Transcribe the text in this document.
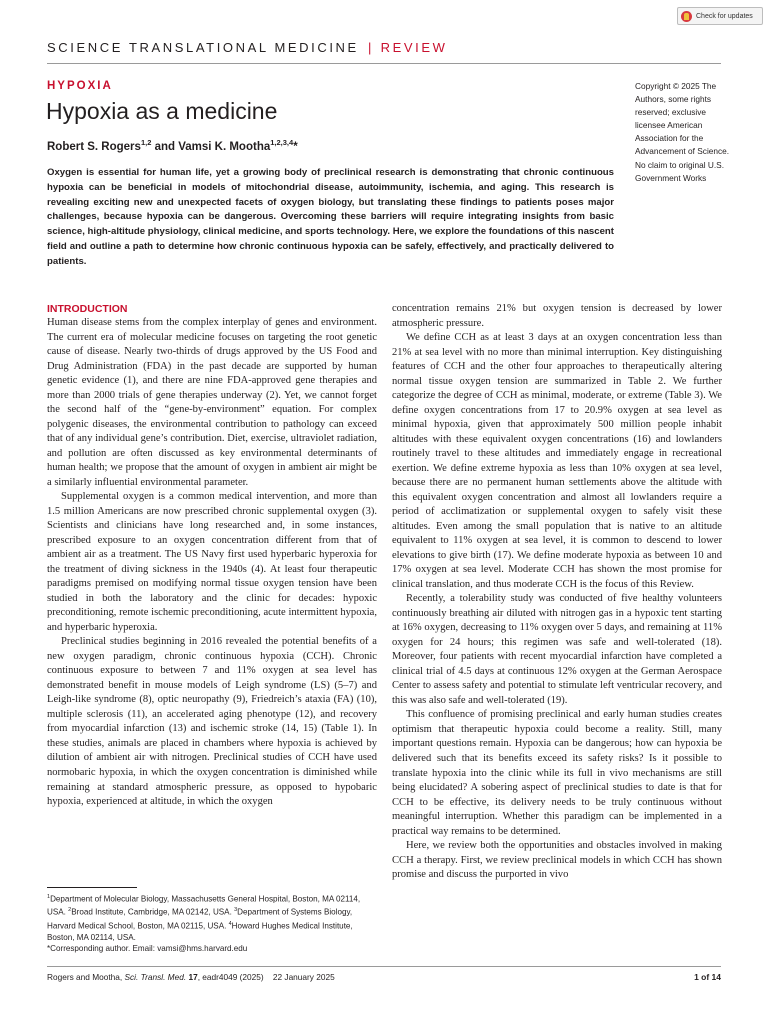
Check for updates
SCIENCE TRANSLATIONAL MEDICINE | REVIEW
HYPOXIA
Hypoxia as a medicine
Robert S. Rogers$^{1,2}$ and Vamsi K. Mootha$^{1,2,3,4}$*
Oxygen is essential for human life, yet a growing body of preclinical research is demonstrating that chronic continuous hypoxia can be beneficial in models of mitochondrial disease, autoimmunity, ischemia, and aging. This research is revealing exciting new and unexpected facets of oxygen biology, but translating these findings to patients poses major challenges, because hypoxia can be dangerous. Overcoming these barriers will require integrating insights from basic science, high-altitude physiology, clinical medicine, and sports technology. Here, we explore the foundations of this nascent field and outline a path to determine how chronic continuous hypoxia can be safely, effectively, and practically delivered to patients.
Copyright © 2025 The Authors, some rights reserved; exclusive licensee American Association for the Advancement of Science. No claim to original U.S. Government Works
INTRODUCTION

Human disease stems from the complex interplay of genes and environment. The current era of molecular medicine focuses on targeting the root genetic cause of disease. Nearly two-thirds of drugs approved by the US Food and Drug Administration (FDA) in the past decade are supported by human genetic evidence (1), and there are nine FDA-approved gene therapies and more than 2000 trials of gene therapies underway (2). Yet, we cannot forget the second half of the “gene-by-environment” equation. For complex polygenic diseases, the environmental contribution to pathology can exceed that of any individual gene’s contribution. Diet, exercise, ultraviolet radiation, and pollution are often discussed as key environmental determinants of human health; we propose that the amount of oxygen in ambient air might be a similarly influential environmental parameter.

Supplemental oxygen is a common medical intervention, and more than 1.5 million Americans are now prescribed chronic supplemental oxygen (3). Scientists and clinicians have long researched and, in some instances, prescribed exposure to an oxygen concentration different from that of ambient air as a treatment. The US Navy first used hyperbaric hyperoxia for the treatment of diving sickness in the 1940s (4). At least four therapeutic paradigms premised on modifying normal tissue oxygen tension have been studied in both the laboratory and the clinic for decades: hypoxic preconditioning, remote ischemic preconditioning, acute intermittent hypoxia, and hyperbaric hyperoxia.

Preclinical studies beginning in 2016 revealed the potential benefits of a new oxygen paradigm, chronic continuous hypoxia (CCH). Chronic continuous exposure to between 7 and 11% oxygen at sea level has demonstrated benefit in mouse models of Leigh syndrome (LS) (5–7) and Leigh-like syndrome (8), optic neuropathy (9), Friedreich’s ataxia (FA) (10), multiple sclerosis (11), an accelerated aging phenotype (12), and recovery from myocardial infarction (13) and ischemic stroke (14, 15) (Table 1). In these studies, animals are placed in chambers where hypoxia is achieved by dilution of ambient air with nitrogen. Preclinical studies of CCH have used normobaric hypoxia, in which the oxygen concentration is diminished while remaining at standard atmospheric pressure, as opposed to hypobaric hypoxia, experienced at altitude, in which the oxygen

concentration remains 21% but oxygen tension is decreased by lower atmospheric pressure.

We define CCH as at least 3 days at an oxygen concentration less than 21% at sea level with no more than minimal interruption. Key distinguishing features of CCH and the other four approaches to therapeutically altering normal tissue oxygen tension are summarized in Table 2. We further categorize the degree of CCH as minimal, moderate, or extreme (Table 3). We define oxygen concentrations from 17 to 20.9% oxygen at sea level as minimal hypoxia, given that approximately 500 million people inhabit altitudes with these equivalent oxygen concentrations (16) and lowlanders routinely travel to these altitudes and immediately engage in recreational exertion. We define extreme hypoxia as less than 10% oxygen at sea level, because there are no permanent human settlements above the altitude with this equivalent oxygen concentration and almost all lowlanders require a period of acclimatization or supplemental oxygen to safely visit these altitudes. Even among the small population that is native to an altitude equivalent to 11% oxygen at sea level, it is common to descend to lower elevations to give birth (17). We define moderate hypoxia as between 10 and 17% oxygen at sea level. Moderate CCH has shown the most promise for clinical translation, and thus moderate CCH is the focus of this Review.

Recently, a tolerability study was conducted of five healthy volunteers continuously breathing air diluted with nitrogen gas in a hypoxic tent starting at 16% oxygen, decreasing to 11% oxygen over 5 days, and remaining at 11% oxygen for 24 hours; this regimen was safe and well-tolerated (18). Moreover, four patients with recent myocardial infarction have completed a clinical trial of 4.5 days at continuous 12% oxygen at the German Aerospace Center to assess safety and potential to stimulate left ventricular recovery, and this was also safe and well-tolerated (19).

This confluence of promising preclinical and early human studies creates optimism that therapeutic hypoxia could become a reality. Still, many important questions remain. Hypoxia can be dangerous; how can hypoxia be delivered such that its benefits exceed its safety risks? Is it possible to translate hypoxia into the clinic while its full in vivo mechanisms are still being elucidated? A sobering aspect of preclinical studies to date is that for CCH to be effective, its delivery needs to be truly continuous without meaningful interruption. Whether this paradigm can be implemented in a practical way remains to be determined.

Here, we review both the opportunities and obstacles involved in making CCH a therapy. First, we review preclinical models in which CCH has shown promise and discuss the purported in vivo

$^1$Department of Molecular Biology, Massachusetts General Hospital, Boston, MA 02114, USA. $^2$Broad Institute, Cambridge, MA 02142, USA. $^3$Department of Systems Biology, Harvard Medical School, Boston, MA 02115, USA. $^4$Howard Hughes Medical Institute, Boston, MA 02114, USA.
*Corresponding author. Email: vamsi@hms.harvard.edu
Rogers and Mootha, Sci. Transl. Med. 17, eadr4049 (2025) 22 January 2025	1 of 14
